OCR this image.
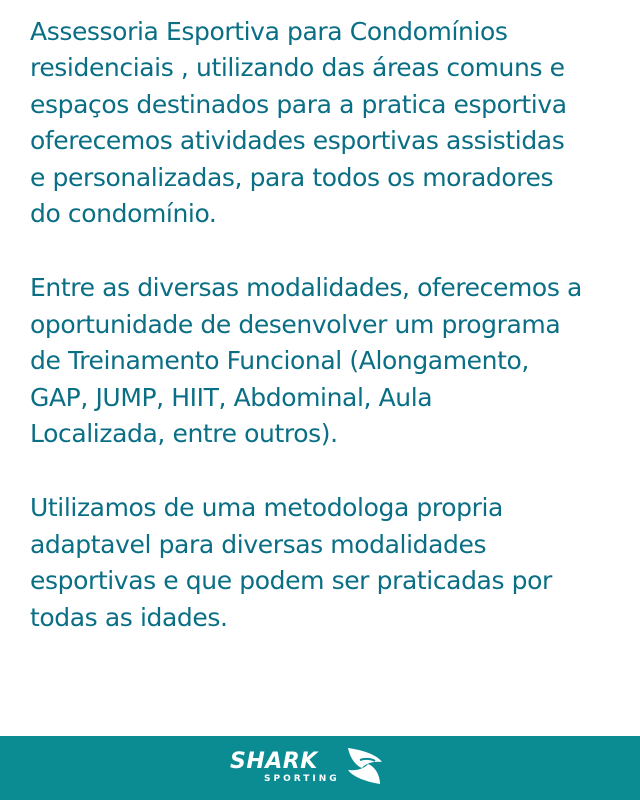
Assessoria Esportiva para Condomínios
residenciais , utilizando das áreas comuns e
espaços destinados para a pratica esportiva
oferecemos atividades esportivas assistidas
e personalizadas, para todos os moradores
do condomínio.

Entre as diversas modalidades, oferecemos a
oportunidade de desenvolver um programa
de Treinamento Funcional (Alongamento,
GAP, JUMP, HIIT, Abdominal, Aula
Localizada, entre outros).

Utilizamos de uma metodologa propria
adaptavel para diversas modalidades
esportivas e que podem ser praticadas por
todas as idades.

SHARK
SPORTING
